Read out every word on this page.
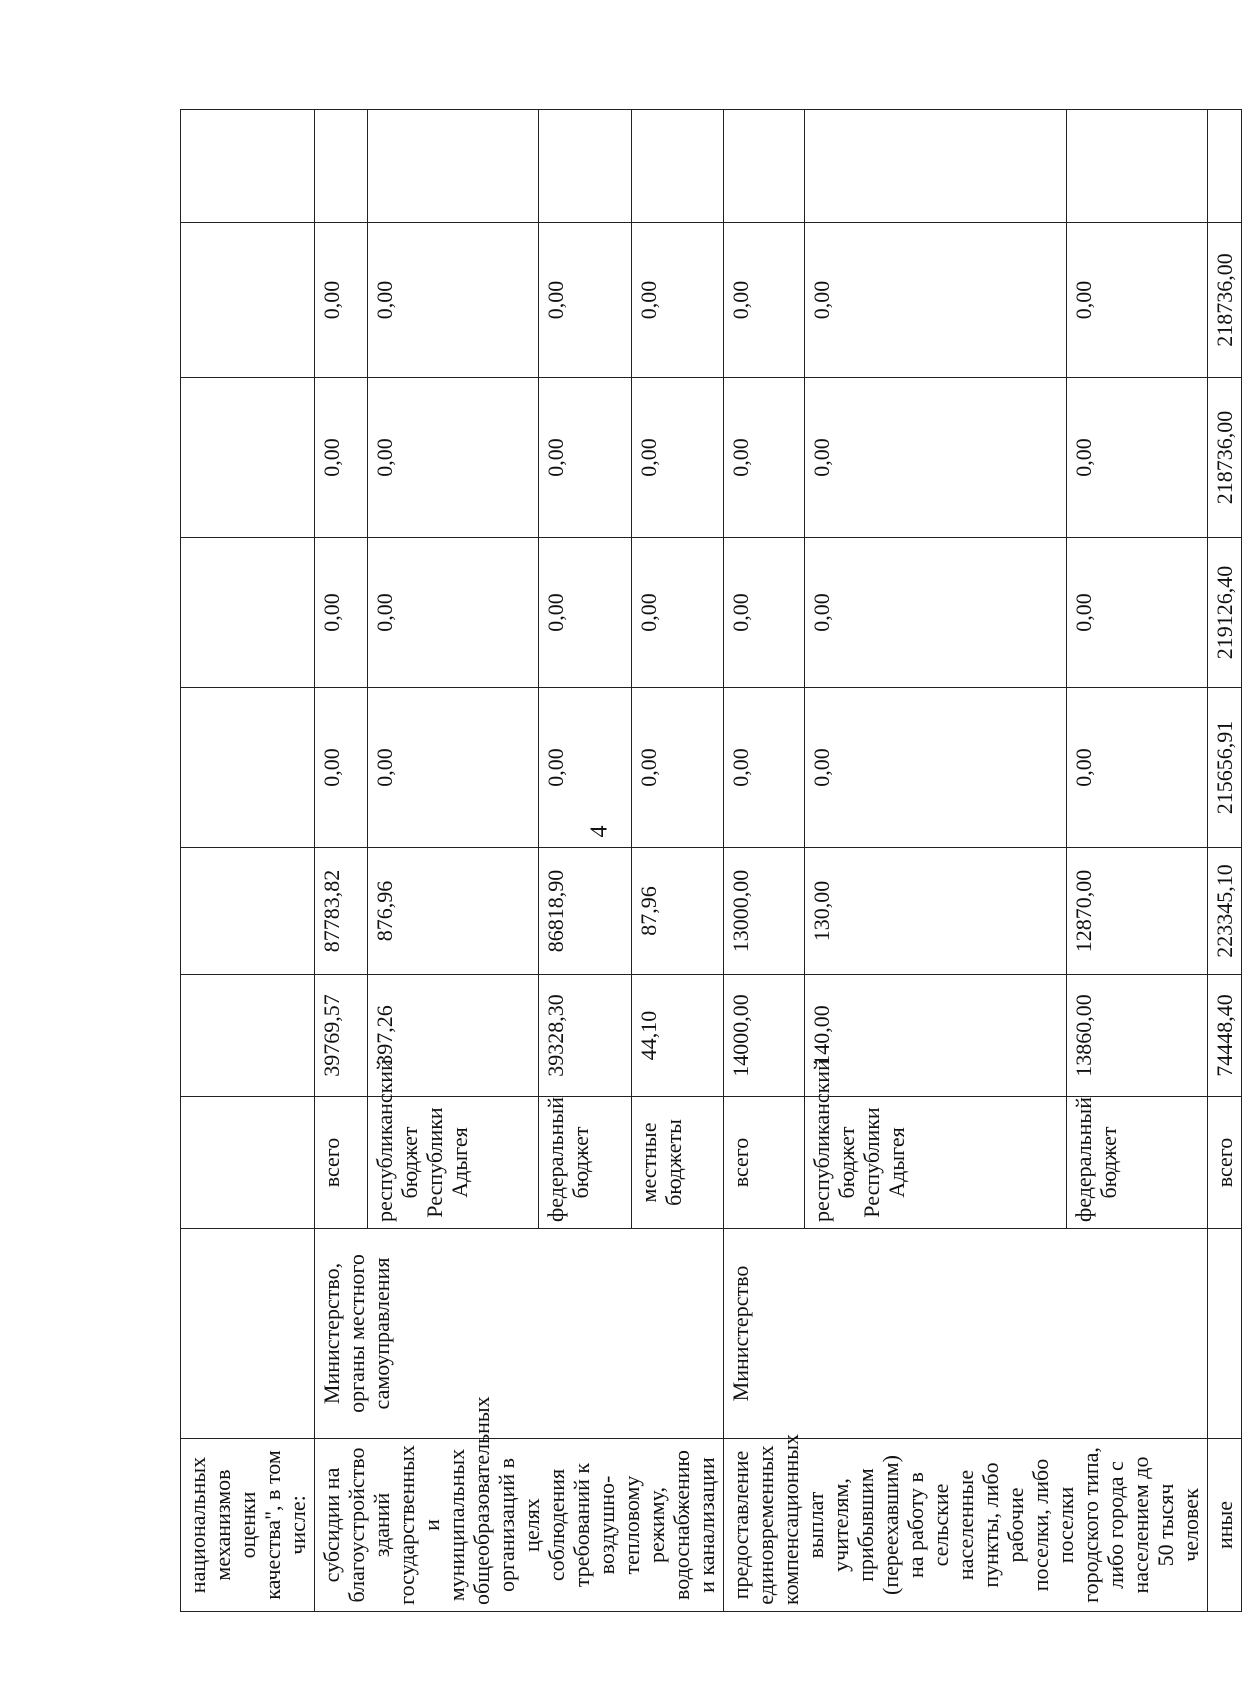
4
национальных механизмов оценки качества", в том числе:									
субсидии на благоустройство зданий государственных и муниципальных общеобразовательных организаций в целях соблюдения требований к воздушно-тепловому режиму, водоснабжению и канализации	Министерство, органы местного самоуправления	всего	39769,57	87783,82	0,00	0,00	0,00	0,00	
		республиканский бюджет Республики Адыгея	397,26	876,96	0,00	0,00	0,00	0,00	
		федеральный бюджет	39328,30	86818,90	0,00	0,00	0,00	0,00	
		местные бюджеты	44,10	87,96	0,00	0,00	0,00	0,00	
предоставление единовременных компенсационных выплат учителям, прибывшим (переехавшим) на работу в сельские населенные пункты, либо рабочие поселки, либо поселки городского типа, либо города с населением до 50 тысяч человек	Министерство	всего	14000,00	13000,00	0,00	0,00	0,00	0,00	
		республиканский бюджет Республики Адыгея	140,00	130,00	0,00	0,00	0,00	0,00	
		федеральный бюджет	13860,00	12870,00	0,00	0,00	0,00	0,00	
иные		всего	74448,40	223345,10	215656,91	219126,40	218736,00	218736,00	
